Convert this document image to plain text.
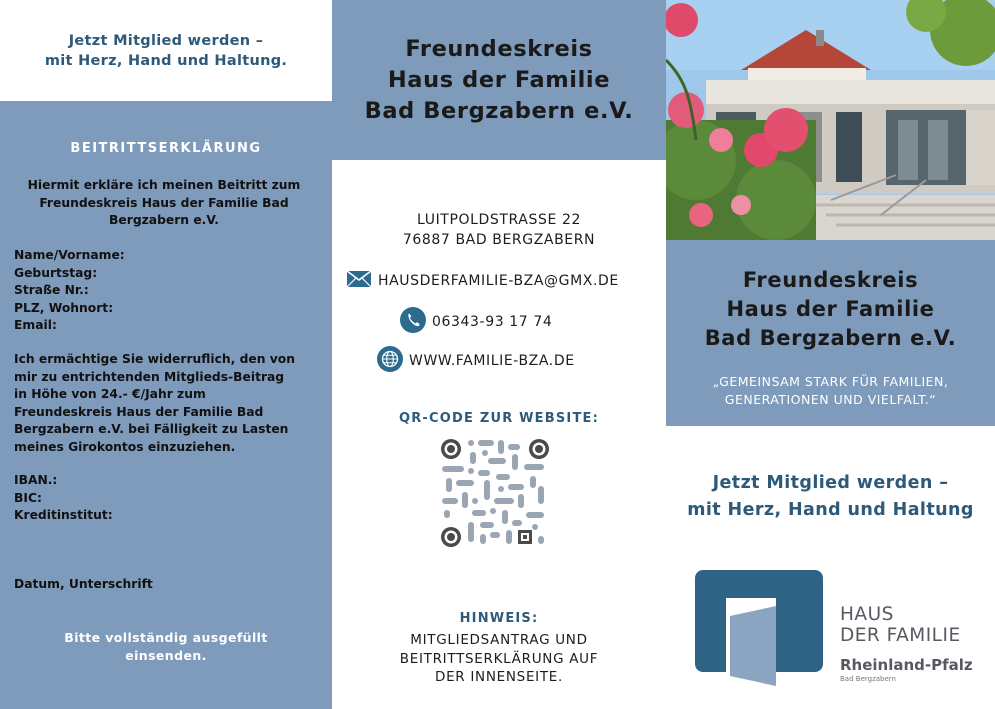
Jetzt Mitglied werden –
mit Herz, Hand und Haltung.
BEITRITTSERKLÄRUNG
Hiermit erkläre ich meinen Beitritt zum
Freundeskreis Haus der Familie Bad
Bergzabern e.V.
Name/Vorname:
Geburtstag:
Straße Nr.:
PLZ, Wohnort:
Email:
Ich ermächtige Sie widerruflich, den von
mir zu entrichtenden Mitglieds-Beitrag
in Höhe von 24.- €/Jahr zum
Freundeskreis Haus der Familie Bad
Bergzabern e.V. bei Fälligkeit zu Lasten
meines Girokontos einzuziehen.
IBAN.:
BIC:
Kreditinstitut:
Datum, Unterschrift
Bitte vollständig ausgefüllt
einsenden.
Freundeskreis
Haus der Familie
Bad Bergzabern e.V.
LUITPOLDSTRASSE 22
76887 BAD BERGZABERN
HAUSDERFAMILIE-BZA@GMX.DE
06343-93 17 74
WWW.FAMILIE-BZA.DE
QR-CODE ZUR WEBSITE:
HINWEIS:
MITGLIEDSANTRAG UND
BEITRITTSERKLÄRUNG AUF
DER INNENSEITE.
Freundeskreis
Haus der Familie
Bad Bergzabern e.V.
„GEMEINSAM STARK FÜR FAMILIEN,
GENERATIONEN UND VIELFALT.“
Jetzt Mitglied werden –
mit Herz, Hand und Haltung
HAUS
DER FAMILIE
Rheinland-Pfalz
Bad Bergzabern
